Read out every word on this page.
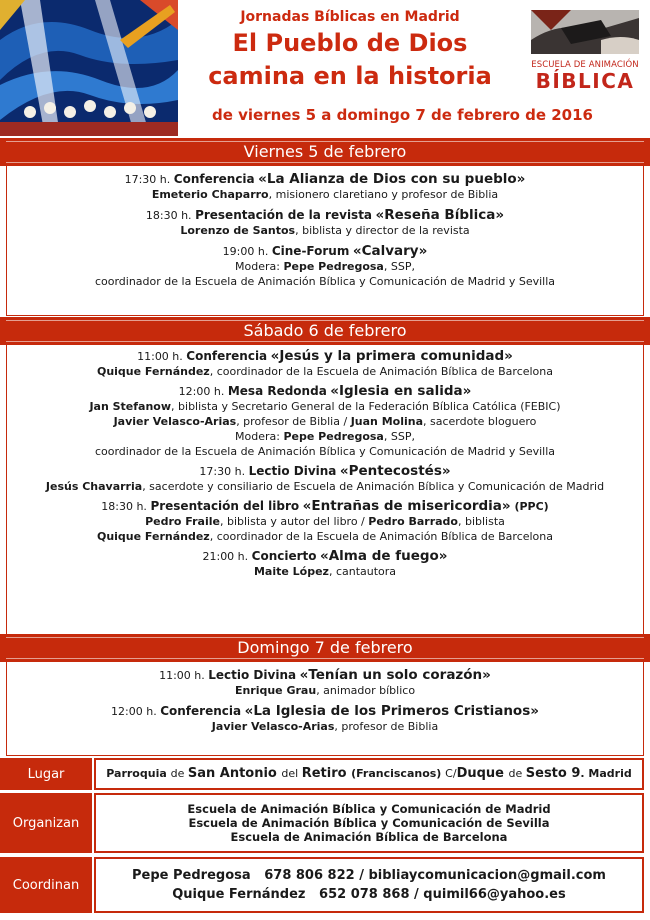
Jornadas Bíblicas en Madrid
El Pueblo de Dios
camina en la historia
de viernes 5 a domingo 7 de febrero de 2016
ESCUELA DE ANIMACIÓN
BÍBLICA
Viernes 5 de febrero
17:30 h. Conferencia «La Alianza de Dios con su pueblo»
Emeterio Chaparro, misionero claretiano y profesor de Biblia
18:30 h. Presentación de la revista «Reseña Bíblica»
Lorenzo de Santos, biblista y director de la revista
19:00 h. Cine-Forum «Calvary»
Modera: Pepe Pedregosa, SSP,
coordinador de la Escuela de Animación Bíblica y Comunicación de Madrid y Sevilla
Sábado 6 de febrero
11:00 h. Conferencia «Jesús y la primera comunidad»
Quique Fernández, coordinador de la Escuela de Animación Bíblica de Barcelona
12:00 h. Mesa Redonda «Iglesia en salida»
Jan Stefanow, biblista y Secretario General de la Federación Bíblica Católica (FEBIC)
Javier Velasco-Arias, profesor de Biblia / Juan Molina, sacerdote bloguero
Modera: Pepe Pedregosa, SSP,
coordinador de la Escuela de Animación Bíblica y Comunicación de Madrid y Sevilla
17:30 h. Lectio Divina «Pentecostés»
Jesús Chavarria, sacerdote y consiliario de Escuela de Animación Bíblica y Comunicación de Madrid
18:30 h. Presentación del libro «Entrañas de misericordia» (PPC)
Pedro Fraile, biblista y autor del libro / Pedro Barrado, biblista
Quique Fernández, coordinador de la Escuela de Animación Bíblica de Barcelona
21:00 h. Concierto «Alma de fuego»
Maite López, cantautora
Domingo 7 de febrero
11:00 h. Lectio Divina «Tenían un solo corazón»
Enrique Grau, animador bíblico
12:00 h. Conferencia «La Iglesia de los Primeros Cristianos»
Javier Velasco-Arias, profesor de Biblia
Lugar	Parroquia de San Antonio del Retiro (Franciscanos) C/Duque de Sesto 9. Madrid
Organizan
Escuela de Animación Bíblica y Comunicación de Madrid
Escuela de Animación Bíblica y Comunicación de Sevilla
Escuela de Animación Bíblica de Barcelona
Coordinan
Pepe Pedregosa   678 806 822 / bibliaycomunicacion@gmail.com
Quique Fernández   652 078 868 / quimil66@yahoo.es
